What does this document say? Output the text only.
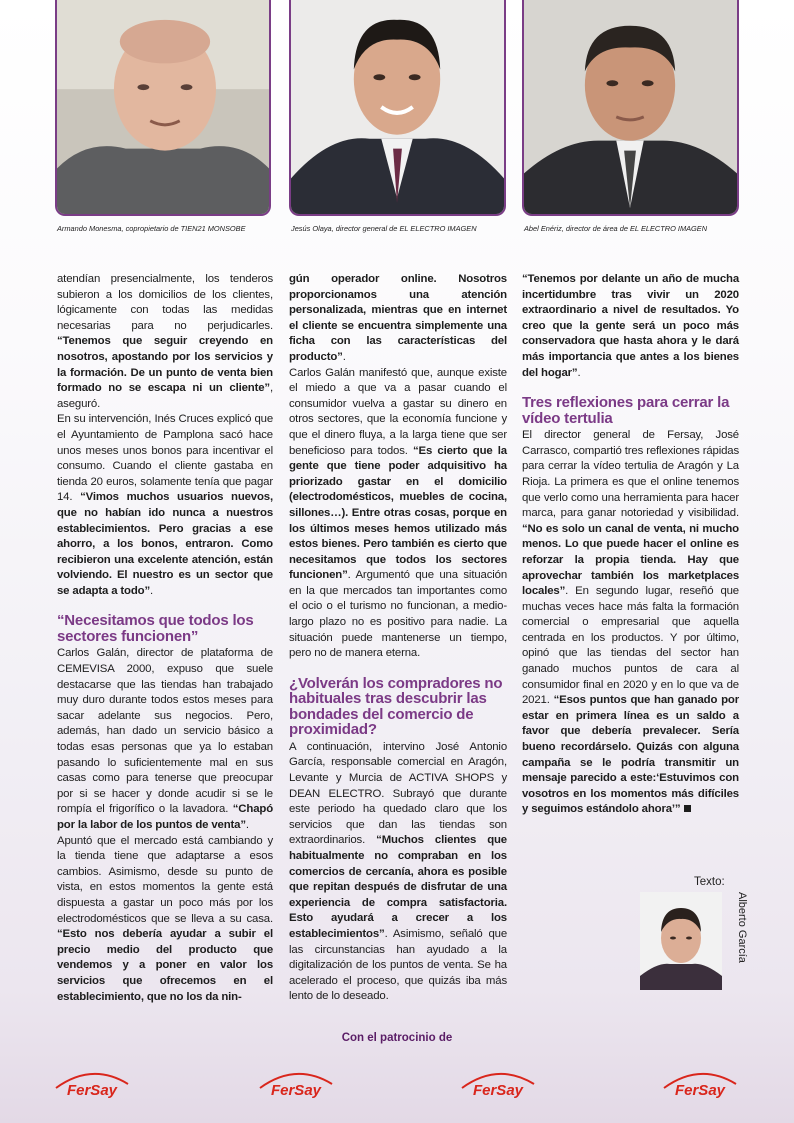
Armando Monesma, copropietario de TIEN21 MONSOBE	Jesús Olaya, director general de EL ELECTRO IMAGEN	Abel Enériz, director de área de EL ELECTRO IMAGEN

atendían presencialmente, los tenderos subieron a los domicilios de los clientes, lógicamente con todas las medidas necesarias para no perjudicarles. “Tenemos que seguir creyendo en nosotros, apostando por los servicios y la formación. De un punto de venta bien formado no se escapa ni un cliente”, aseguró.

En su intervención, Inés Cruces explicó que el Ayuntamiento de Pamplona sacó hace unos meses unos bonos para incentivar el consumo. Cuando el cliente gastaba en tienda 20 euros, solamente tenía que pagar 14. “Vimos muchos usuarios nuevos, que no habían ido nunca a nuestros establecimientos. Pero gracias a ese ahorro, a los bonos, entraron. Como recibieron una excelente atención, están volviendo. El nuestro es un sector que se adapta a todo”.

“Necesitamos que todos los sectores funcionen”

Carlos Galán, director de plataforma de CEMEVISA 2000, expuso que suele destacarse que las tiendas han trabajado muy duro durante todos estos meses para sacar adelante sus negocios. Pero, además, han dado un servicio básico a todas esas personas que ya lo estaban pasando lo suficientemente mal en sus casas como para tenerse que preocupar por si se hacer y donde acudir si se le rompía el frigorífico o la lavadora. “Chapó por la labor de los puntos de venta”.

Apuntó que el mercado está cambiando y la tienda tiene que adaptarse a esos cambios. Asimismo, desde su punto de vista, en estos momentos la gente está dispuesta a gastar un poco más por los electrodomésticos que se lleva a su casa. “Esto nos debería ayudar a subir el precio medio del producto que vendemos y a poner en valor los servicios que ofrecemos en el establecimiento, que no los da nin-

gún operador online. Nosotros proporcionamos una atención personalizada, mientras que en internet el cliente se encuentra simplemente una ficha con las características del producto”.

Carlos Galán manifestó que, aunque existe el miedo a que va a pasar cuando el consumidor vuelva a gastar su dinero en otros sectores, que la economía funcione y que el dinero fluya, a la larga tiene que ser beneficioso para todos. “Es cierto que la gente que tiene poder adquisitivo ha priorizado gastar en el domicilio (electrodomésticos, muebles de cocina, sillones…). Entre otras cosas, porque en los últimos meses hemos utilizado más estos bienes. Pero también es cierto que necesitamos que todos los sectores funcionen”. Argumentó que una situación en la que mercados tan importantes como el ocio o el turismo no funcionan, a medio-largo plazo no es positivo para nadie. La situación puede mantenerse un tiempo, pero no de manera eterna.

¿Volverán los compradores no habituales tras descubrir las bondades del comercio de proximidad?

A continuación, intervino José Antonio García, responsable comercial en Aragón, Levante y Murcia de ACTIVA SHOPS y DEAN ELECTRO. Subrayó que durante este periodo ha quedado claro que los servicios que dan las tiendas son extraordinarios. “Muchos clientes que habitualmente no compraban en los comercios de cercanía, ahora es posible que repitan después de disfrutar de una experiencia de compra satisfactoria. Esto ayudará a crecer a los establecimientos”. Asimismo, señaló que las circunstancias han ayudado a la digitalización de los puntos de venta. Se ha acelerado el proceso, que quizás iba más lento de lo deseado.

“Tenemos por delante un año de mucha incertidumbre tras vivir un 2020 extraordinario a nivel de resultados. Yo creo que la gente será un poco más conservadora que hasta ahora y le dará más importancia que antes a los bienes del hogar”.

Tres reflexiones para cerrar la vídeo tertulia

El director general de Fersay, José Carrasco, compartió tres reflexiones rápidas para cerrar la vídeo tertulia de Aragón y La Rioja. La primera es que el online tenemos que verlo como una herramienta para hacer marca, para ganar notoriedad y visibilidad. “No es solo un canal de venta, ni mucho menos. Lo que puede hacer el online es reforzar la propia tienda. Hay que aprovechar también los marketplaces locales”. En segundo lugar, reseñó que muchas veces hace más falta la formación comercial o empresarial que aquella centrada en los productos. Y por último, opinó que las tiendas del sector han ganado muchos puntos de cara al consumidor final en 2020 y en lo que va de 2021. “Esos puntos que han ganado por estar en primera línea es un saldo a favor que debería prevalecer. Sería bueno recordárselo. Quizás con alguna campaña se le podría transmitir un mensaje parecido a este:‘Estuvimos con vosotros en los momentos más difíciles y seguimos estándolo ahora’”

Texto:
Alberto García
Con el patrocinio de
FerSay	FerSay	FerSay	FerSay
